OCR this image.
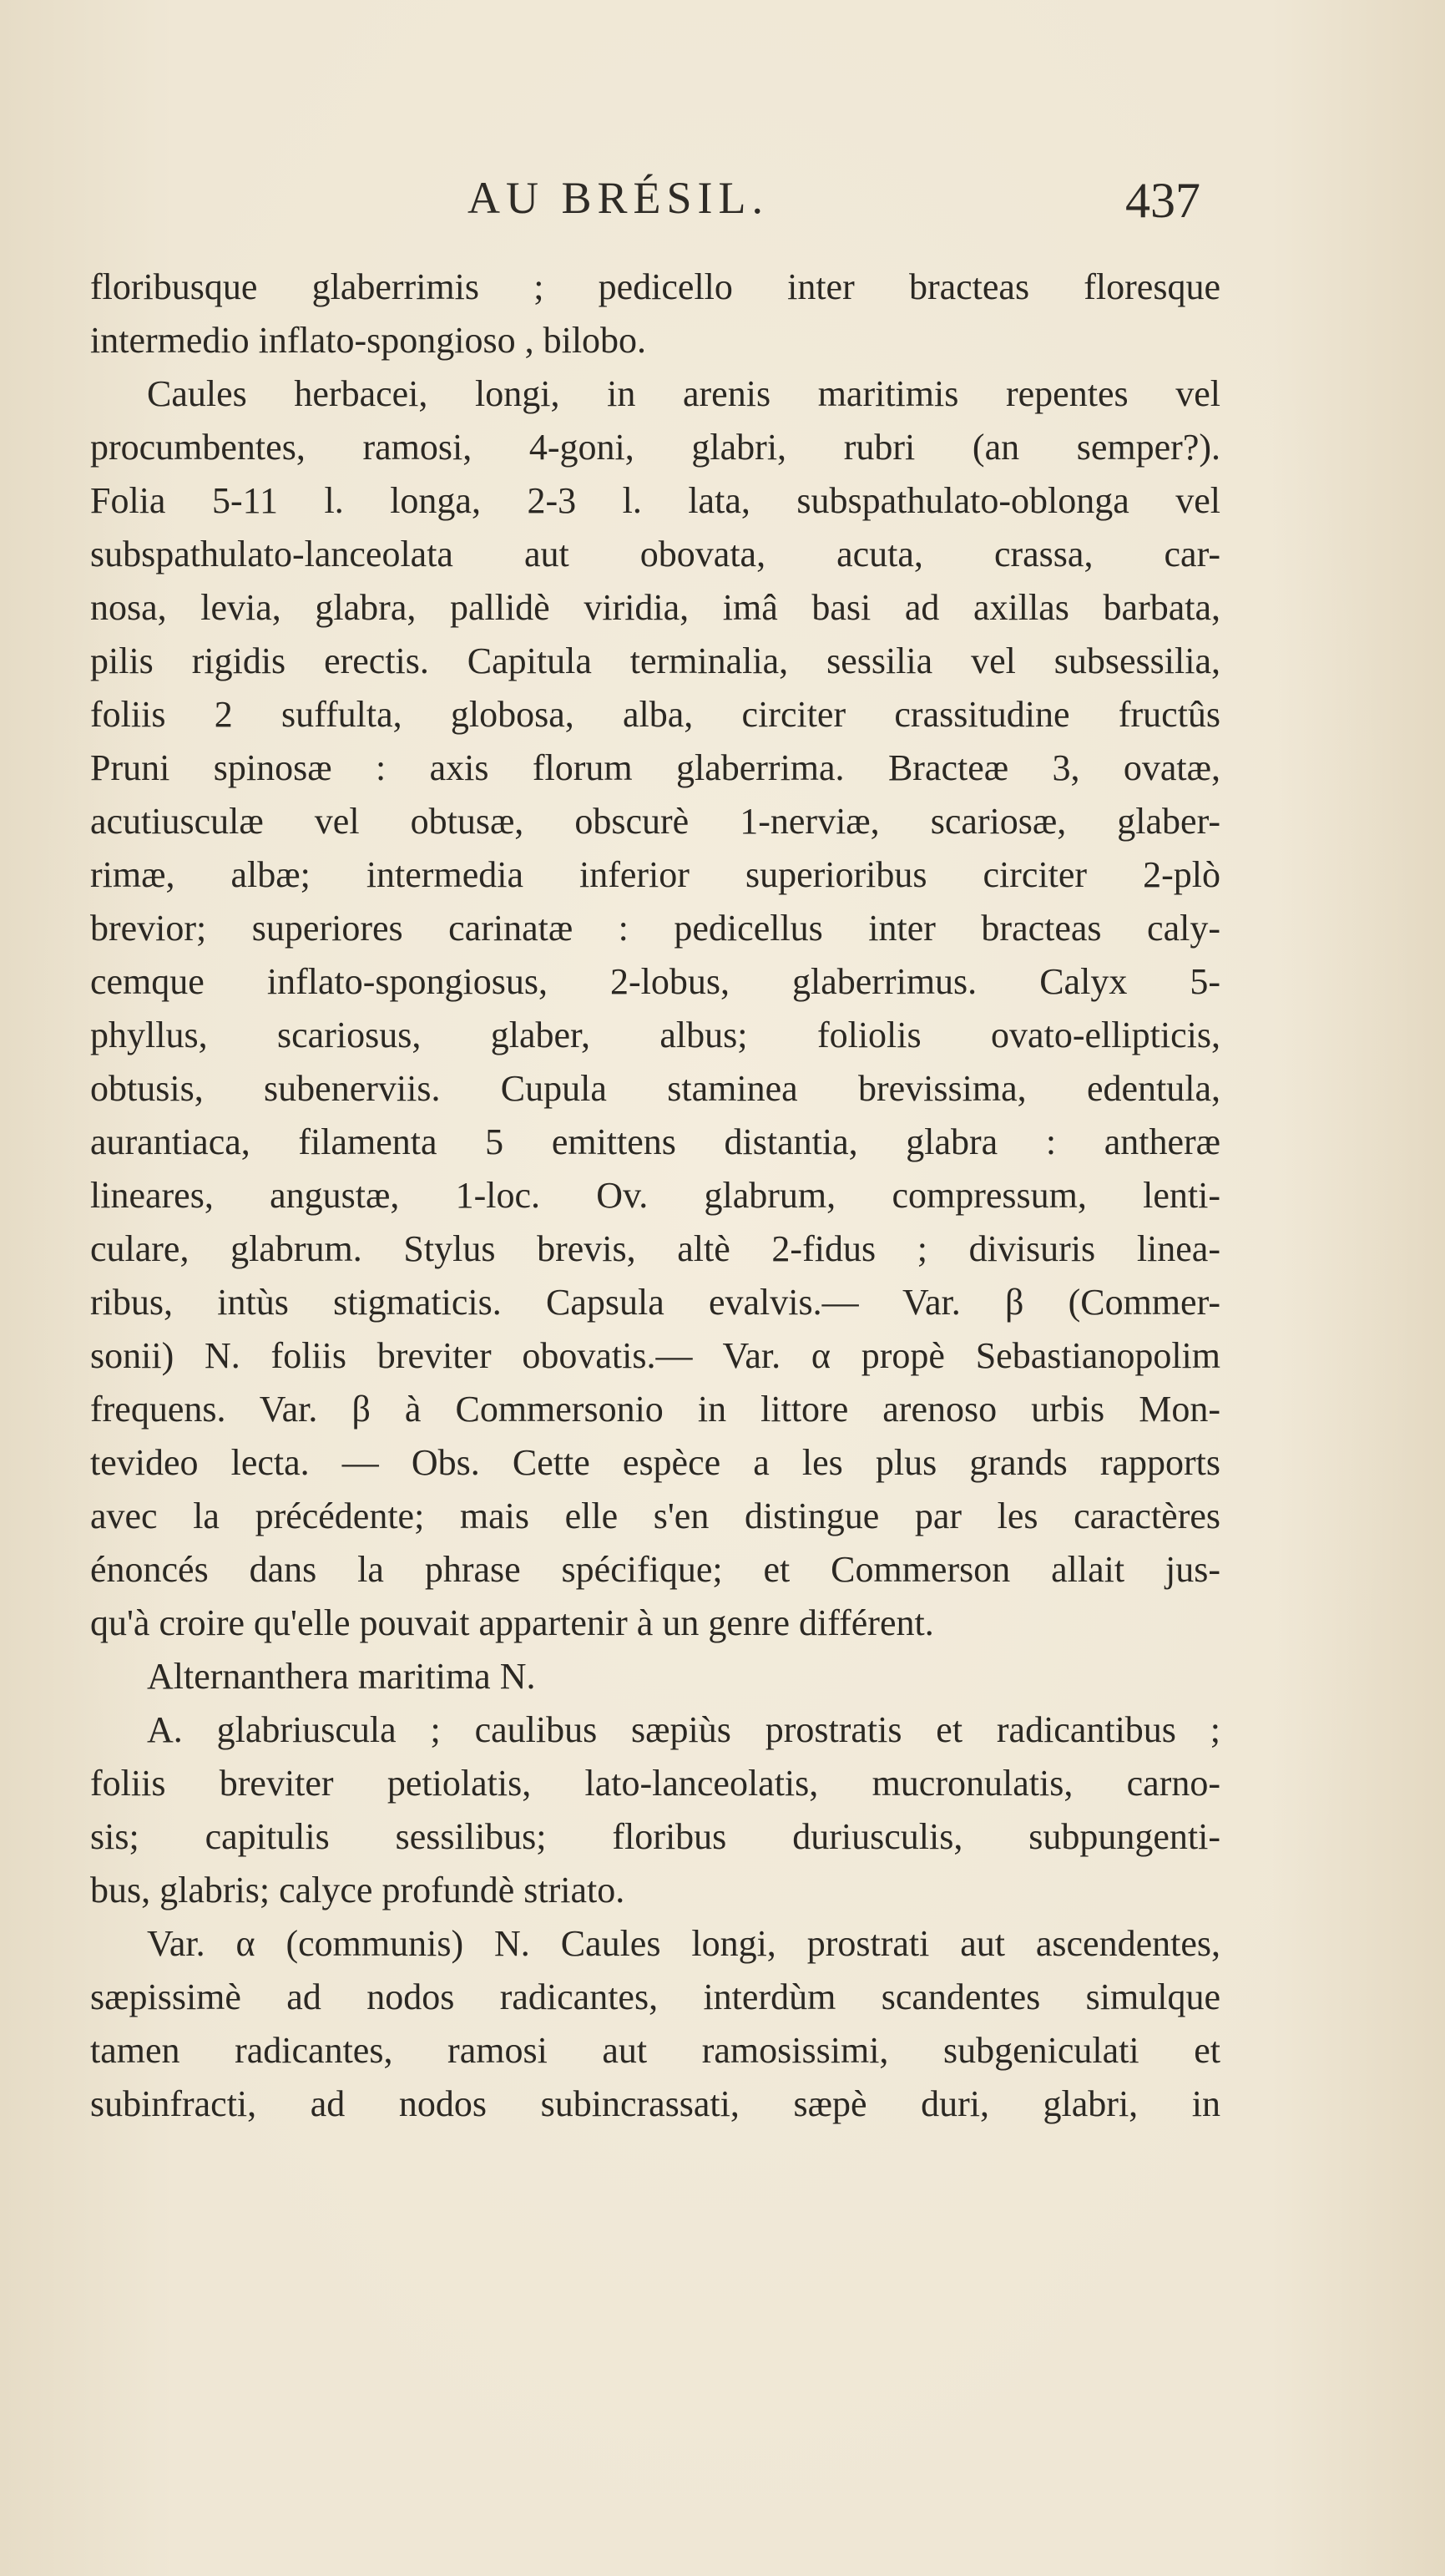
AU BRÉSIL.	437
floribusque glaberrimis ; pedicello inter bracteas floresque
intermedio inflato-spongioso , bilobo.
Caules herbacei, longi, in arenis maritimis repentes vel
procumbentes, ramosi, 4-goni, glabri, rubri (an semper?).
Folia 5-11 l. longa, 2-3 l. lata, subspathulato-oblonga vel
subspathulato-lanceolata aut obovata, acuta, crassa, car-
nosa, levia, glabra, pallidè viridia, imâ basi ad axillas barbata,
pilis rigidis erectis. Capitula terminalia, sessilia vel subsessilia,
foliis 2 suffulta, globosa, alba, circiter crassitudine fructûs
Pruni spinosæ : axis florum glaberrima. Bracteæ 3, ovatæ,
acutiusculæ vel obtusæ, obscurè 1-nerviæ, scariosæ, glaber-
rimæ, albæ; intermedia inferior superioribus circiter 2-plò
brevior; superiores carinatæ : pedicellus inter bracteas caly-
cemque inflato-spongiosus, 2-lobus, glaberrimus. Calyx 5-
phyllus, scariosus, glaber, albus; foliolis ovato-ellipticis,
obtusis, subenerviis. Cupula staminea brevissima, edentula,
aurantiaca, filamenta 5 emittens distantia, glabra : antheræ
lineares, angustæ, 1-loc. Ov. glabrum, compressum, lenti-
culare, glabrum. Stylus brevis, altè 2-fidus ; divisuris linea-
ribus, intùs stigmaticis. Capsula evalvis.— Var. β (Commer-
sonii) N. foliis breviter obovatis.— Var. α propè Sebastianopolim
frequens. Var. β à Commersonio in littore arenoso urbis Mon-
tevideo lecta. — Obs. Cette espèce a les plus grands rapports
avec la précédente; mais elle s'en distingue par les caractères
énoncés dans la phrase spécifique; et Commerson allait jus-
qu'à croire qu'elle pouvait appartenir à un genre différent.
Alternanthera maritima N.
A. glabriuscula ; caulibus sæpiùs prostratis et radicantibus ;
foliis breviter petiolatis, lato-lanceolatis, mucronulatis, carno-
sis; capitulis sessilibus; floribus duriusculis, subpungenti-
bus, glabris; calyce profundè striato.
Var. α (communis) N. Caules longi, prostrati aut ascendentes,
sæpissimè ad nodos radicantes, interdùm scandentes simulque
tamen radicantes, ramosi aut ramosissimi, subgeniculati et
subinfracti, ad nodos subincrassati, sæpè duri, glabri, in
